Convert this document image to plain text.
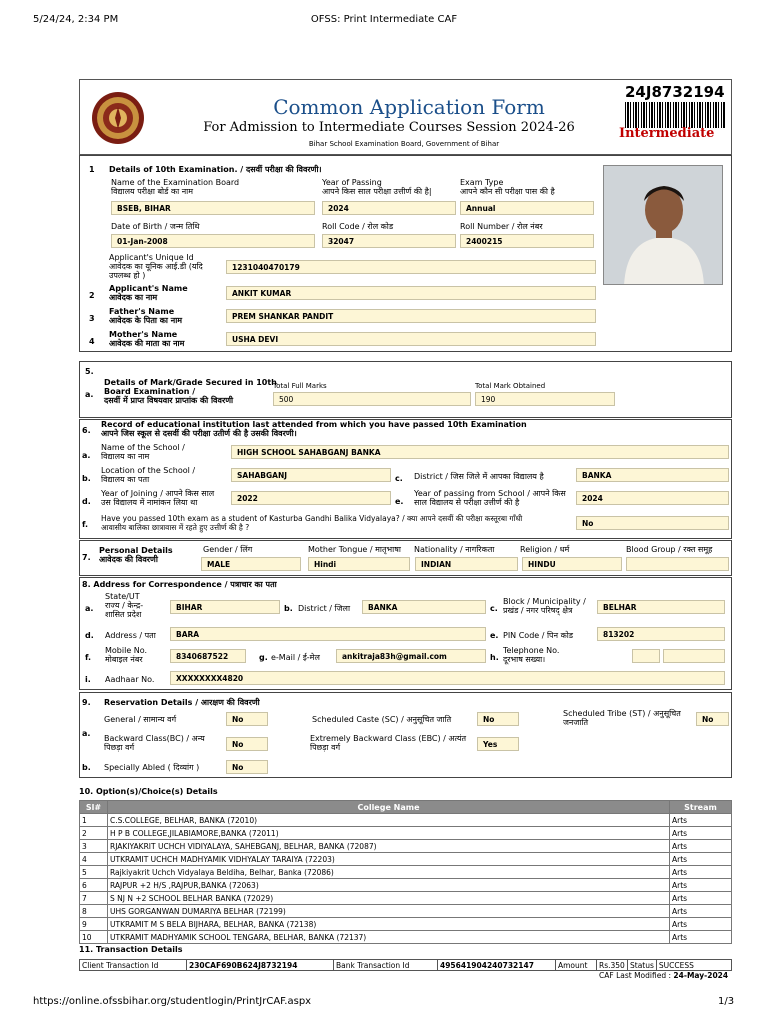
5/24/24, 2:34 PM	OFSS: Print Intermediate CAF
https://online.ofssbihar.org/studentlogin/PrintJrCAF.aspx	1/3
Common Application Form
For Admission to Intermediate Courses Session 2024-26
Bihar School Examination Board, Government of Bihar
24J8732194
Intermediate
1 Details of 10th Examination. / दसवीं परीक्षा की विवरणी।
Name of the Examination Board
विद्यालय परीक्षा बोर्ड का नाम
BSEB, BIHAR
Year of Passing
आपने किस साल परीक्षा उत्तीर्ण की है|
2024
Exam Type
आपने कौन सी परीक्षा पास की है
Annual
Date of Birth / जन्म तिथि
01-Jan-2008
Roll Code / रोल कोड
32047
Roll Number / रोल नंबर
2400215
Applicant's Unique Id
आवेदक का यूनिक आई.डी (यदि
उपलब्ध हो )
1231040470179
2
Applicant's Name
आवेदक का नाम	ANKIT KUMAR
3
Father's Name
आवेदक के पिता का नाम	PREM SHANKAR PANDIT
4
Mother's Name
आवेदक की माता का नाम	USHA DEVI
5.
a.
Details of Mark/Grade Secured in 10th
Board Examination /
दसवीं में प्राप्त विषयवार प्राप्तांक की विवरणी
Total Full Marks
500
Total Mark Obtained
190
6.
Record of educational institution last attended from which you have passed 10th Examination
आपने जिस स्कूल से दसवीं की परीक्षा उतीर्ण की है उसकी विवरणी।
a.
Name of the School /
विद्यालय का नाम	HIGH SCHOOL SAHABGANJ BANKA
b.
Location of the School /
विद्यालय का पता	SAHABGANJ	c. District / जिस जिले में आपका विद्यालय है	BANKA
d.
Year of Joining / आपने किस साल
उस विद्यालय में नामांकन लिया था	2022	e.
Year of passing from School / आपने किस
साल विद्यालय से परीक्षा उत्तीर्ण की है	2024
f.
Have you passed 10th exam as a student of Kasturba Gandhi Balika Vidyalaya? / क्या आपने दसवीं की परीक्षा कस्तूरबा गाँधी
आवासीय बालिका छात्रावास में रहते हुए उत्तीर्ण की है ?	No
7.
Personal Details
आवेदक की विवरणी
Gender / लिंग
MALE
Mother Tongue / मातृभाषा
Hindi
Nationality / नागरिकता
INDIAN
Religion / धर्म
HINDU
Blood Group / रक्त समूह
8. Address for Correspondence / पत्राचार का पता
a.
State/UT
राज्य / केन्द्र-
शासित प्रदेश
BIHAR	b. District / जिला	BANKA	c.
Block / Municipality /
प्रखंड / नगर परिषद् क्षेत्र	BELHAR
d. Address / पता	BARA	e. PIN Code / पिन कोड	813202
f.
Mobile No.
मोबाइल नंबर	8340687522	g. e-Mail / ई-मेल	ankitraja83h@gmail.com	h.
Telephone No.
दूरभाष सख्या।
i. Aadhaar No.	XXXXXXXX4820
9. Reservation Details / आरक्षण की विवरणी
a.
General / सामान्य वर्ग	No	Scheduled Caste (SC) / अनुसूचित जाति	No
Scheduled Tribe (ST) / अनुसूचित
जनजाति	No
Backward Class(BC) / अन्य
पिछड़ा वर्ग	No
Extremely Backward Class (EBC) / अत्यंत
पिछड़ा वर्ग	Yes
b. Specially Abled ( दिव्यांग )	No
10. Option(s)/Choice(s) Details
Sl#	College Name	Stream
1	C.S.COLLEGE, BELHAR, BANKA (72010)	Arts
2	H P B COLLEGE,JILABIAMORE,BANKA (72011)	Arts
3	RJAKIYAKRIT UCHCH VIDIYALAYA, SAHEBGANJ, BELHAR, BANKA (72087)	Arts
4	UTKRAMIT UCHCH MADHYAMIK VIDHYALAY TARAIYA (72203)	Arts
5	Rajkiyakrit Uchch Vidyalaya Beldiha, Belhar, Banka (72086)	Arts
6	RAJPUR +2 H/S ,RAJPUR,BANKA (72063)	Arts
7	S NJ N +2 SCHOOL BELHAR BANKA (72029)	Arts
8	UHS GORGANWAN DUMARIYA BELHAR (72199)	Arts
9	UTKRAMIT M S BELA BIJHARA, BELHAR, BANKA (72138)	Arts
10	UTKRAMIT MADHYAMIK SCHOOL TENGARA, BELHAR, BANKA (72137)	Arts
11. Transaction Details
Client Transaction Id	230CAF690B624J8732194	Bank Transaction Id	495641904240732147	Amount	Rs.350	Status	SUCCESS
CAF Last Modified : 24-May-2024
